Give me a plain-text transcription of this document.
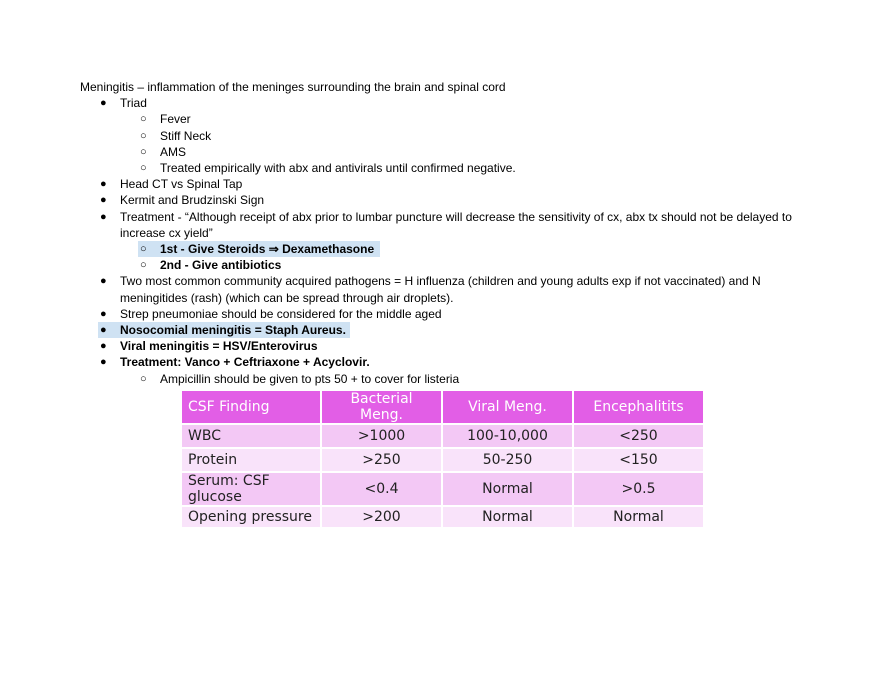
Meningitis – inflammation of the meninges surrounding the brain and spinal cord
● Triad
○ Fever
○ Stiff Neck
○ AMS
○ Treated empirically with abx and antivirals until confirmed negative.
● Head CT vs Spinal Tap
● Kermit and Brudzinski Sign
● Treatment - “Although receipt of abx prior to lumbar puncture will decrease the sensitivity of cx, abx tx should not be delayed to increase cx yield”
○ 1st - Give Steroids ⇒ Dexamethasone
○ 2nd - Give antibiotics
● Two most common community acquired pathogens = H influenza (children and young adults exp if not vaccinated) and N meningitides (rash) (which can be spread through air droplets).
● Strep pneumoniae should be considered for the middle aged
● Nosocomial meningitis = Staph Aureus.
● Viral meningitis = HSV/Enterovirus
● Treatment: Vanco + Ceftriaxone + Acyclovir.
○ Ampicillin should be given to pts 50 + to cover for listeria
CSF Finding	Bacterial Meng.	Viral Meng.	Encephalitits
WBC	>1000	100-10,000	<250
Protein	>250	50-250	<150
Serum: CSF glucose	<0.4	Normal	>0.5
Opening pressure	>200	Normal	Normal
